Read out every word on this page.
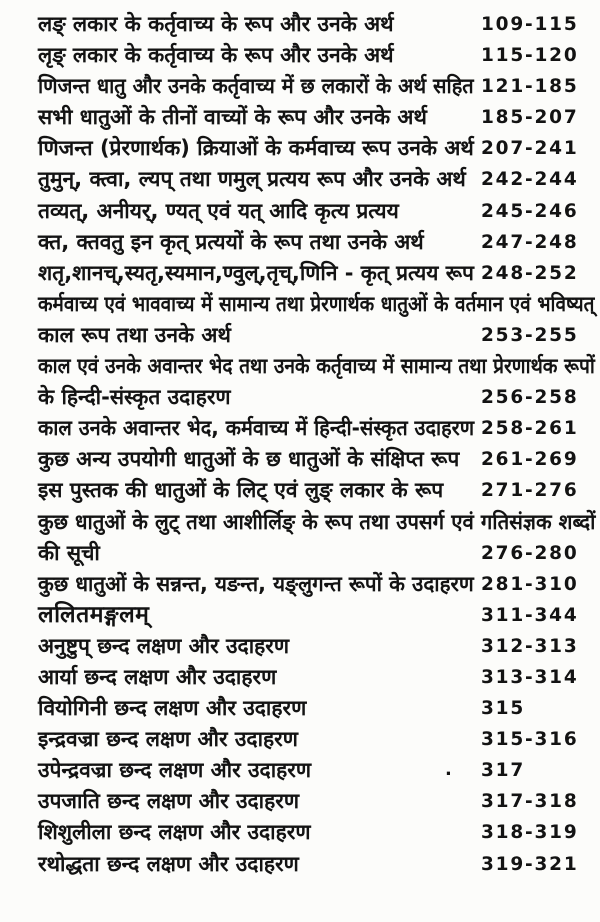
लङ् लकार के कर्तृवाच्य के रूप और उनके अर्थ	109-115
लृङ् लकार के कर्तृवाच्य के रूप और उनके अर्थ	115-120
णिजन्त धातु और उनके कर्तृवाच्य में छ लकारों के अर्थ सहित 121-185
सभी धातुओं के तीनों वाच्यों के रूप और उनके अर्थ	185-207
णिजन्त (प्रेरणार्थक) क्रियाओं के कर्मवाच्य रूप उनके अर्थ 207-241
तुमुन्, क्त्वा, ल्यप् तथा णमुल् प्रत्यय रूप और उनके अर्थ 242-244
तव्यत्, अनीयर्, ण्यत् एवं यत् आदि कृत्य प्रत्यय	245-246
क्त, क्तवतु इन कृत् प्रत्ययों के रूप तथा उनके अर्थ	247-248
शतृ,शानच्,स्यतृ,स्यमान,ण्वुल्,तृच्,णिनि - कृत् प्रत्यय रूप 248-252
कर्मवाच्य एवं भाववाच्य में सामान्य तथा प्रेरणार्थक धातुओं के वर्तमान एवं भविष्यत्
काल रूप तथा उनके अर्थ	253-255
काल एवं उनके अवान्तर भेद तथा उनके कर्तृवाच्य में सामान्य तथा प्रेरणार्थक रूपों
के हिन्दी-संस्कृत उदाहरण	256-258
काल उनके अवान्तर भेद, कर्मवाच्य में हिन्दी-संस्कृत उदाहरण 258-261
कुछ अन्य उपयोगी धातुओं के छ धातुओं के संक्षिप्त रूप 261-269
इस पुस्तक की धातुओं के लिट् एवं लुङ् लकार के रूप 271-276
कुछ धातुओं के लुट् तथा आशीर्लिङ् के रूप तथा उपसर्ग एवं गतिसंज्ञक शब्दों
की सूची	276-280
कुछ धातुओं के सन्नन्त, यङन्त, यङ्लुगन्त रूपों के उदाहरण 281-310
ललितमङ्गलम्	311-344
अनुष्टुप् छन्द लक्षण और उदाहरण	312-313
आर्या छन्द लक्षण और उदाहरण	313-314
वियोगिनी छन्द लक्षण और उदाहरण	315
इन्द्रवज्रा छन्द लक्षण और उदाहरण	315-316
उपेन्द्रवज्रा छन्द लक्षण और उदाहरण	. 317
उपजाति छन्द लक्षण और उदाहरण	317-318
शिशुलीला छन्द लक्षण और उदाहरण	318-319
रथोद्धता छन्द लक्षण और उदाहरण	319-321
